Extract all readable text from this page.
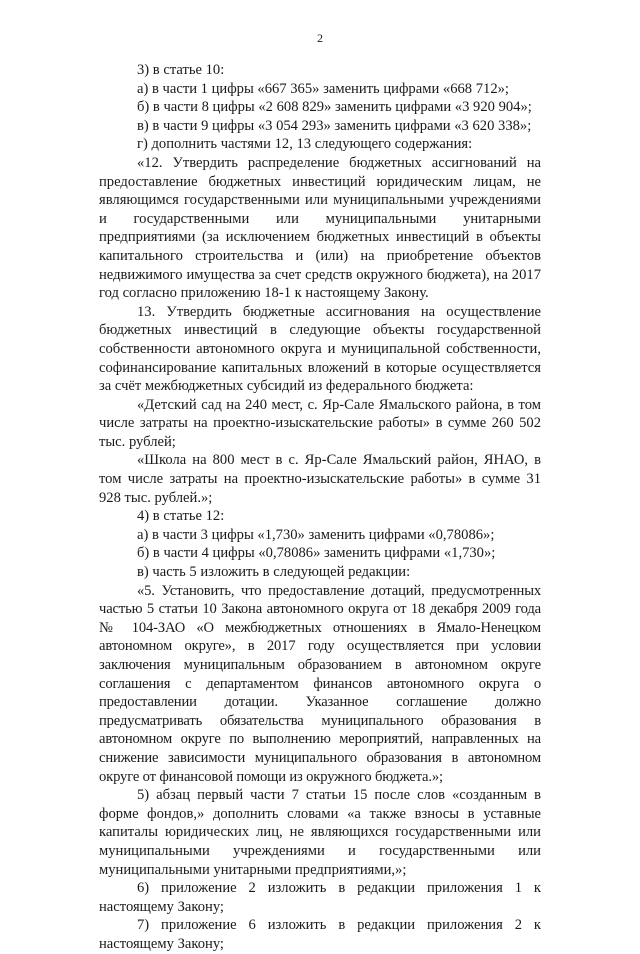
2

3) в статье 10:

а) в части 1 цифры «667 365» заменить цифрами «668 712»;

б) в части 8 цифры «2 608 829» заменить цифрами «3 920 904»;

в) в части 9 цифры «3 054 293» заменить цифрами «3 620 338»;

г) дополнить частями 12, 13 следующего содержания:

«12. Утвердить распределение бюджетных ассигнований на предоставление бюджетных инвестиций юридическим лицам, не являющимся государственными или муниципальными учреждениями и государственными или муниципальными унитарными предприятиями (за исключением бюджетных инвестиций в объекты капитального строительства и (или) на приобретение объектов недвижимого имущества за счет средств окружного бюджета), на 2017 год согласно приложению 18-1 к настоящему Закону.

13. Утвердить бюджетные ассигнования на осуществление бюджетных инвестиций в следующие объекты государственной собственности автономного округа и муниципальной собственности, софинансирование капитальных вложений в которые осуществляется за счёт межбюджетных субсидий из федерального бюджета:

«Детский сад на 240 мест, с. Яр-Сале Ямальского района, в том числе затраты на проектно-изыскательские работы» в сумме 260 502 тыс. рублей;

«Школа на 800 мест в с. Яр-Сале Ямальский район, ЯНАО, в том числе затраты на проектно-изыскательские работы» в сумме 31 928 тыс. рублей.»;

4) в статье 12:

а) в части 3 цифры «1,730» заменить цифрами «0,78086»;

б) в части 4 цифры «0,78086» заменить цифрами «1,730»;

в) часть 5 изложить в следующей редакции:

«5. Установить, что предоставление дотаций, предусмотренных частью 5 статьи 10 Закона автономного округа от 18 декабря 2009 года № 104-ЗАО «О межбюджетных отношениях в Ямало-Ненецком автономном округе», в 2017 году осуществляется при условии заключения муниципальным образованием в автономном округе соглашения с департаментом финансов автономного округа о предоставлении дотации. Указанное соглашение должно предусматривать обязательства муниципального образования в автономном округе по выполнению мероприятий, направленных на снижение зависимости муниципального образования в автономном округе от финансовой помощи из окружного бюджета.»;

5) абзац первый части 7 статьи 15 после слов «созданным в форме фондов,» дополнить словами «а также взносы в уставные капиталы юридических лиц, не являющихся государственными или муниципальными учреждениями и государственными или муниципальными унитарными предприятиями,»;

6) приложение 2 изложить в редакции приложения 1 к настоящему Закону;

7) приложение 6 изложить в редакции приложения 2 к настоящему Закону;
